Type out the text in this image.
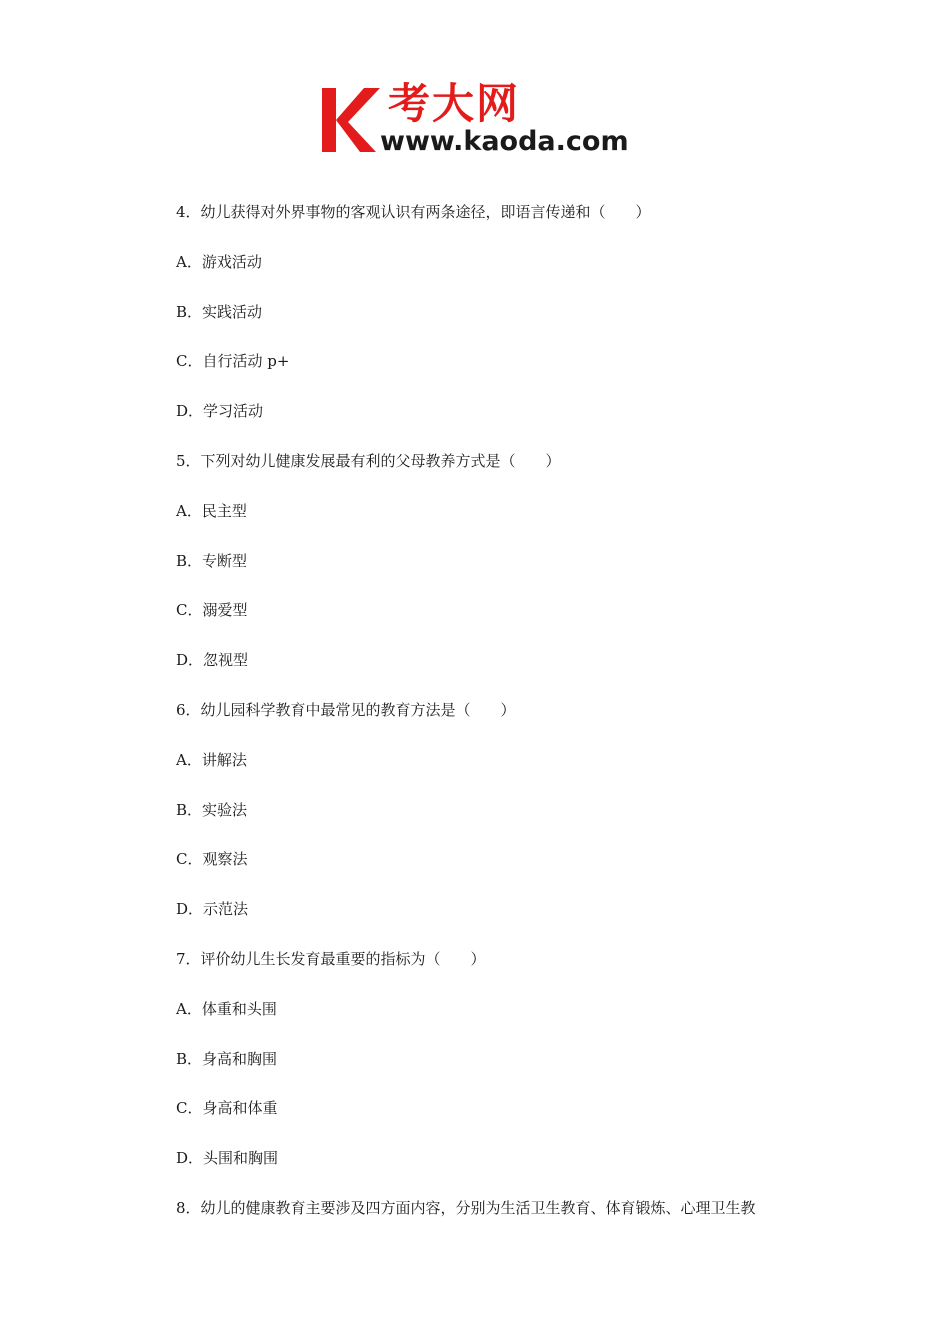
考大网
www.kaoda.com
4．幼儿获得对外界事物的客观认识有两条途径，即语言传递和（　　）
A．游戏活动
B．实践活动
C．自行活动 p+
D．学习活动
5．下列对幼儿健康发展最有利的父母教养方式是（　　）
A．民主型
B．专断型
C．溺爱型
D．忽视型
6．幼儿园科学教育中最常见的教育方法是（　　）
A．讲解法
B．实验法
C．观察法
D．示范法
7．评价幼儿生长发育最重要的指标为（　　）
A．体重和头围
B．身高和胸围
C．身高和体重
D．头围和胸围
8．幼儿的健康教育主要涉及四方面内容，分别为生活卫生教育、体育锻炼、心理卫生教
